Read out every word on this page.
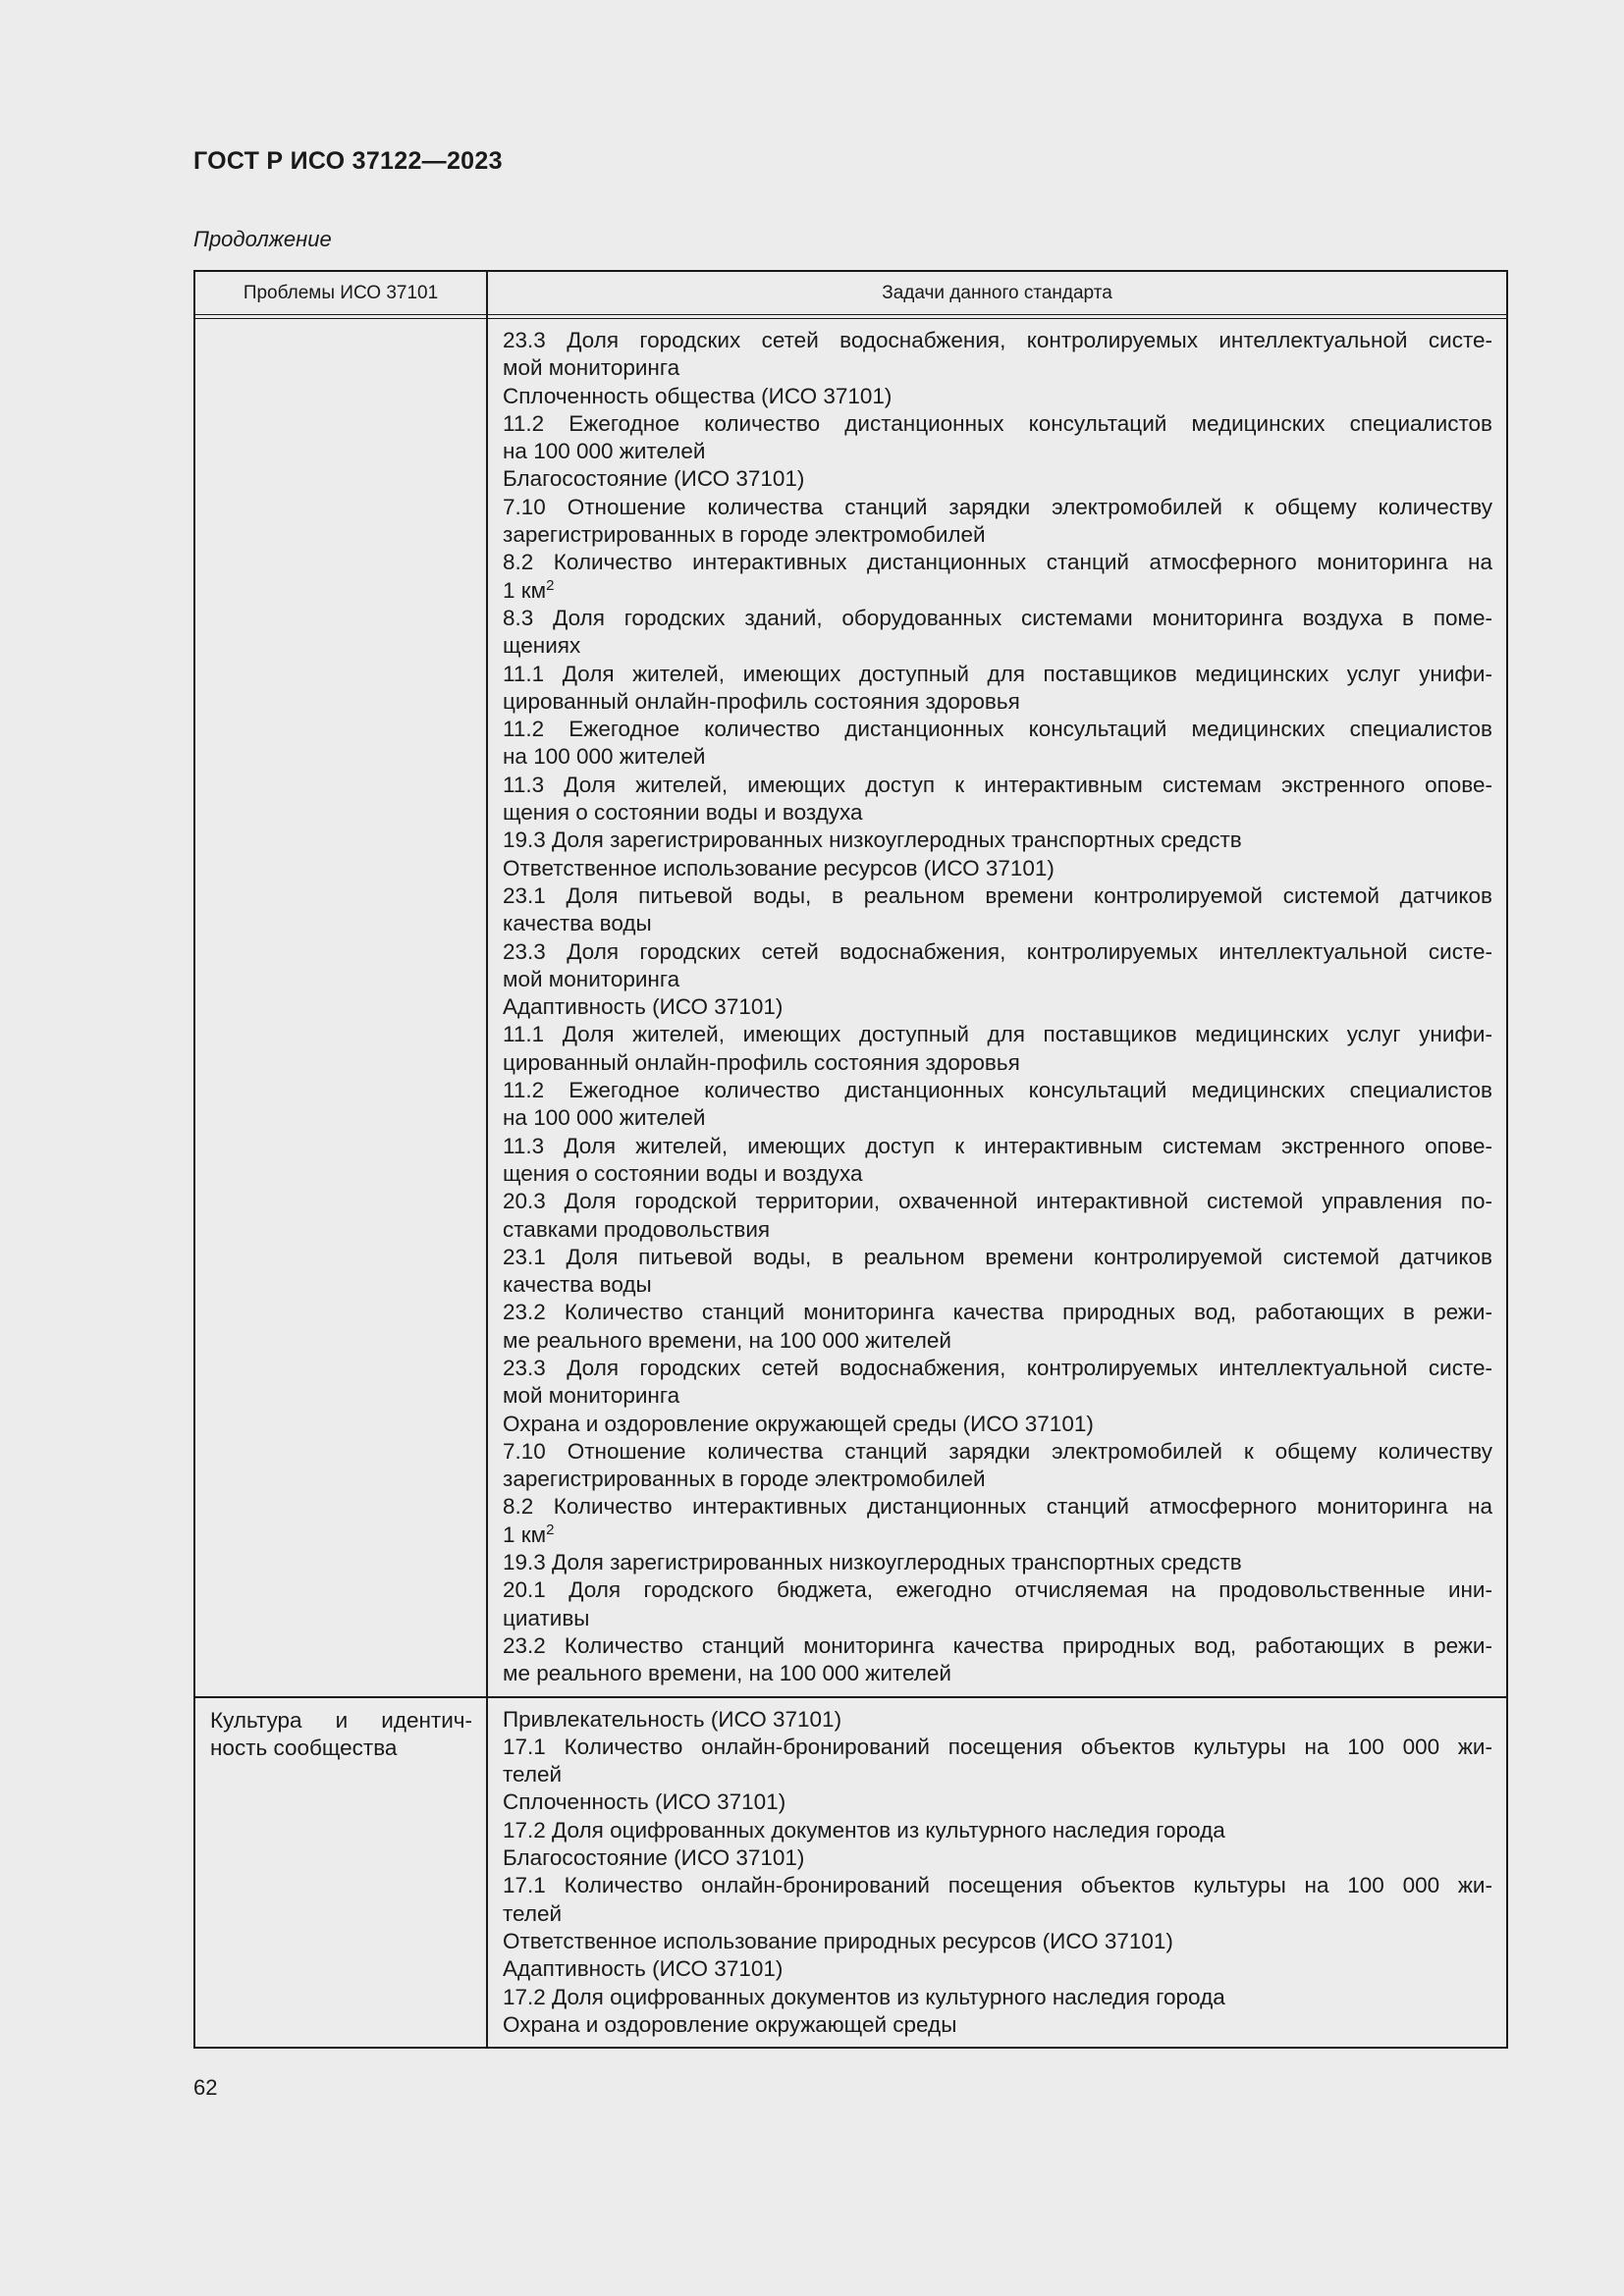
ГОСТ Р ИСО 37122—2023

Продолжение

Проблемы ИСО 37101	Задачи данного стандарта
23.3 Доля городских сетей водоснабжения, контролируемых интеллектуальной систе-
мой мониторинга
Сплоченность общества (ИСО 37101)
11.2 Ежегодное количество дистанционных консультаций медицинских специалистов
на 100 000 жителей
Благосостояние (ИСО 37101)
7.10 Отношение количества станций зарядки электромобилей к общему количеству
зарегистрированных в городе электромобилей
8.2 Количество интерактивных дистанционных станций атмосферного мониторинга на
1 $км^2$
8.3 Доля городских зданий, оборудованных системами мониторинга воздуха в поме-
щениях
11.1 Доля жителей, имеющих доступный для поставщиков медицинских услуг унифи-
цированный онлайн-профиль состояния здоровья
11.2 Ежегодное количество дистанционных консультаций медицинских специалистов
на 100 000 жителей
11.3 Доля жителей, имеющих доступ к интерактивным системам экстренного опове-
щения о состоянии воды и воздуха
19.3 Доля зарегистрированных низкоуглеродных транспортных средств
Ответственное использование ресурсов (ИСО 37101)
23.1 Доля питьевой воды, в реальном времени контролируемой системой датчиков
качества воды
23.3 Доля городских сетей водоснабжения, контролируемых интеллектуальной систе-
мой мониторинга
Адаптивность (ИСО 37101)
11.1 Доля жителей, имеющих доступный для поставщиков медицинских услуг унифи-
цированный онлайн-профиль состояния здоровья
11.2 Ежегодное количество дистанционных консультаций медицинских специалистов
на 100 000 жителей
11.3 Доля жителей, имеющих доступ к интерактивным системам экстренного опове-
щения о состоянии воды и воздуха
20.3 Доля городской территории, охваченной интерактивной системой управления по-
ставками продовольствия
23.1 Доля питьевой воды, в реальном времени контролируемой системой датчиков
качества воды
23.2 Количество станций мониторинга качества природных вод, работающих в режи-
ме реального времени, на 100 000 жителей
23.3 Доля городских сетей водоснабжения, контролируемых интеллектуальной систе-
мой мониторинга
Охрана и оздоровление окружающей среды (ИСО 37101)
7.10 Отношение количества станций зарядки электромобилей к общему количеству
зарегистрированных в городе электромобилей
8.2 Количество интерактивных дистанционных станций атмосферного мониторинга на
1 $км^2$
19.3 Доля зарегистрированных низкоуглеродных транспортных средств
20.1 Доля городского бюджета, ежегодно отчисляемая на продовольственные ини-
циативы
23.2 Количество станций мониторинга качества природных вод, работающих в режи-
ме реального времени, на 100 000 жителей
Культура и идентич-
ность сообщества
Привлекательность (ИСО 37101)
17.1 Количество онлайн-бронирований посещения объектов культуры на 100 000 жи-
телей
Сплоченность (ИСО 37101)
17.2 Доля оцифрованных документов из культурного наследия города
Благосостояние (ИСО 37101)
17.1 Количество онлайн-бронирований посещения объектов культуры на 100 000 жи-
телей
Ответственное использование природных ресурсов (ИСО 37101)
Адаптивность (ИСО 37101)
17.2 Доля оцифрованных документов из культурного наследия города
Охрана и оздоровление окружающей среды

62
